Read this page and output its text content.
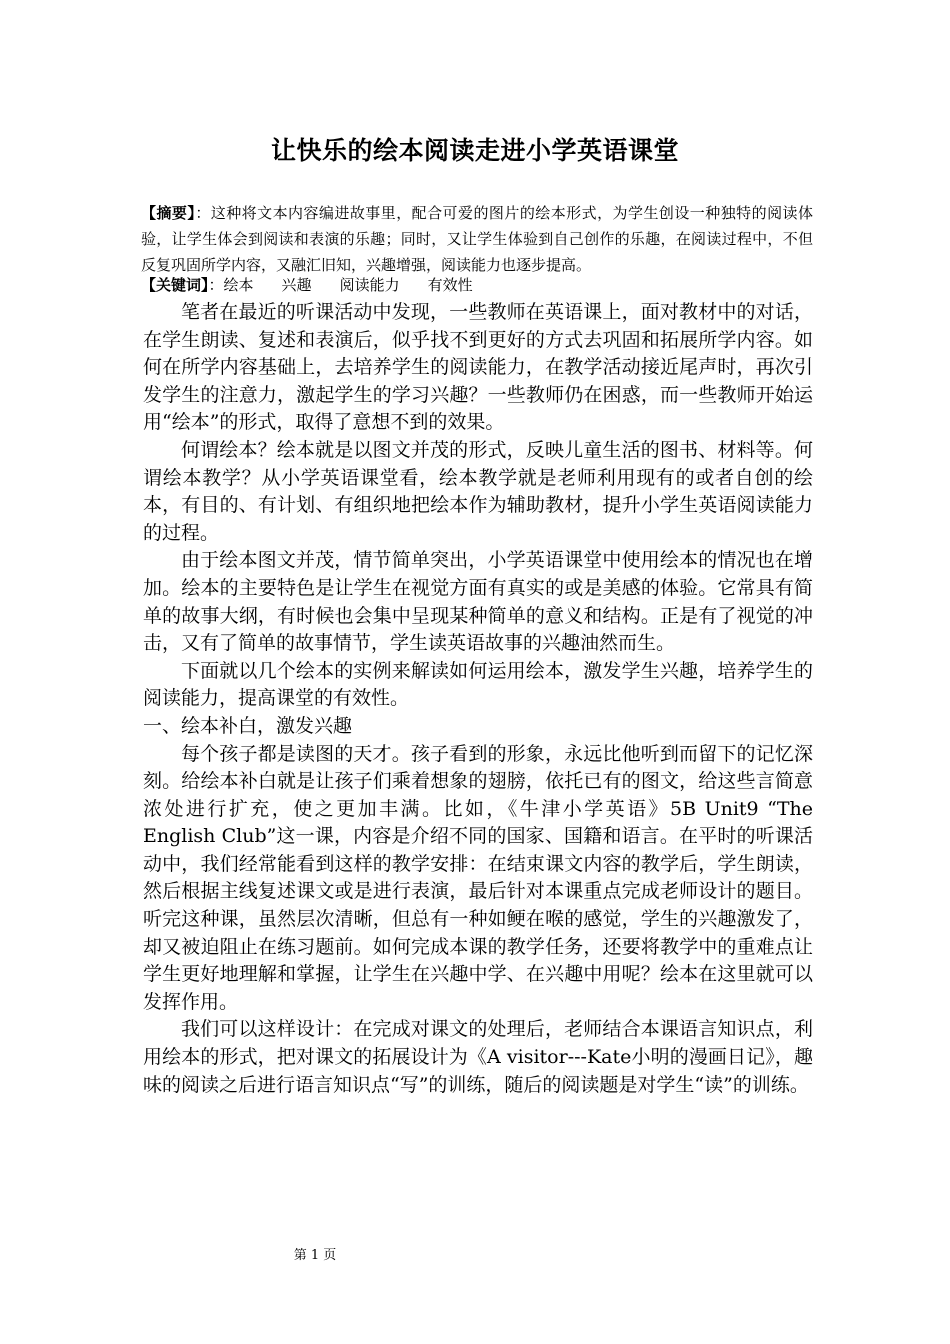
让快乐的绘本阅读走进小学英语课堂
【摘要】：这种将文本内容编进故事里，配合可爱的图片的绘本形式，为学生创设一种独特的阅读体验，让学生体会到阅读和表演的乐趣；同时，又让学生体验到自己创作的乐趣，在阅读过程中，不但反复巩固所学内容，又融汇旧知，兴趣增强，阅读能力也逐步提高。
【关键词】：绘本 兴趣 阅读能力 有效性

笔者在最近的听课活动中发现，一些教师在英语课上，面对教材中的对话，在学生朗读、复述和表演后，似乎找不到更好的方式去巩固和拓展所学内容。如何在所学内容基础上，去培养学生的阅读能力，在教学活动接近尾声时，再次引发学生的注意力，激起学生的学习兴趣？一些教师仍在困惑，而一些教师开始运用“绘本”的形式，取得了意想不到的效果。

何谓绘本？绘本就是以图文并茂的形式，反映儿童生活的图书、材料等。何谓绘本教学？从小学英语课堂看，绘本教学就是老师利用现有的或者自创的绘本，有目的、有计划、有组织地把绘本作为辅助教材，提升小学生英语阅读能力的过程。

由于绘本图文并茂，情节简单突出，小学英语课堂中使用绘本的情况也在增加。绘本的主要特色是让学生在视觉方面有真实的或是美感的体验。它常具有简单的故事大纲，有时候也会集中呈现某种简单的意义和结构。正是有了视觉的冲击，又有了简单的故事情节，学生读英语故事的兴趣油然而生。

下面就以几个绘本的实例来解读如何运用绘本，激发学生兴趣，培养学生的阅读能力，提高课堂的有效性。

一、绘本补白，激发兴趣

每个孩子都是读图的天才。孩子看到的形象，永远比他听到而留下的记忆深刻。给绘本补白就是让孩子们乘着想象的翅膀，依托已有的图文，给这些言简意浓处进行扩充，使之更加丰满。比如，《牛津小学英语》5B Unit9 “The English Club”这一课，内容是介绍不同的国家、国籍和语言。在平时的听课活动中，我们经常能看到这样的教学安排：在结束课文内容的教学后，学生朗读，然后根据主线复述课文或是进行表演，最后针对本课重点完成老师设计的题目。听完这种课，虽然层次清晰，但总有一种如鲠在喉的感觉，学生的兴趣激发了，却又被迫阻止在练习题前。如何完成本课的教学任务，还要将教学中的重难点让学生更好地理解和掌握，让学生在兴趣中学、在兴趣中用呢？绘本在这里就可以发挥作用。

我们可以这样设计：在完成对课文的处理后，老师结合本课语言知识点，利用绘本的形式，把对课文的拓展设计为《A visitor---Kate小明的漫画日记》，趣味的阅读之后进行语言知识点“写”的训练，随后的阅读题是对学生“读”的训练。

第 1 页
